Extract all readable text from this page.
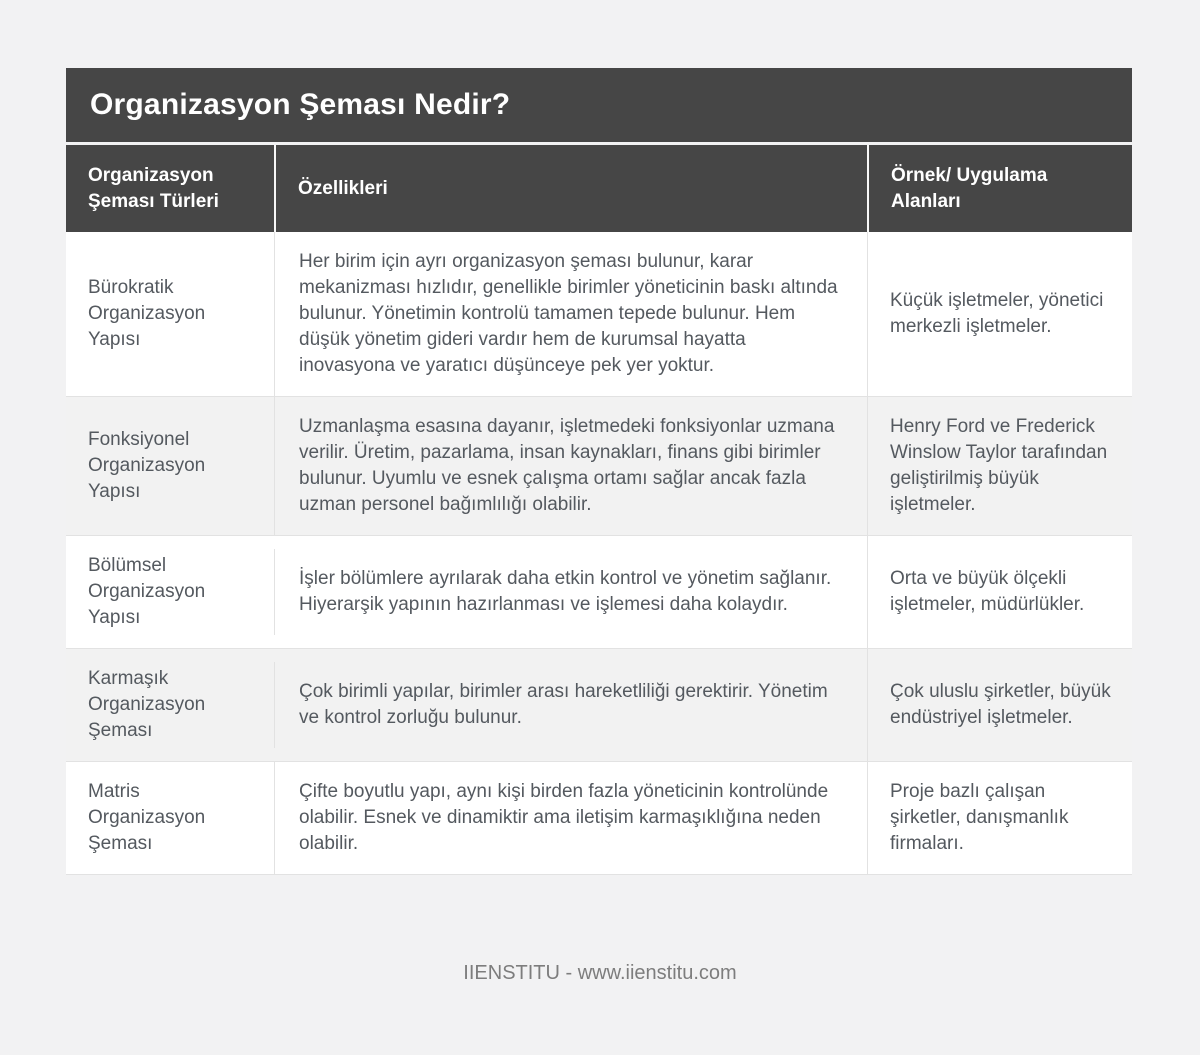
Organizasyon Şeması Nedir?
Organizasyon Şeması Türleri
Özellikleri
Örnek/ Uygulama Alanları
Bürokratik Organizasyon Yapısı
Her birim için ayrı organizasyon şeması bulunur, karar mekanizması hızlıdır, genellikle birimler yöneticinin baskı altında bulunur. Yönetimin kontrolü tamamen tepede bulunur. Hem düşük yönetim gideri vardır hem de kurumsal hayatta inovasyona ve yaratıcı düşünceye pek yer yoktur.
Küçük işletmeler, yönetici merkezli işletmeler.
Fonksiyonel Organizasyon Yapısı
Uzmanlaşma esasına dayanır, işletmedeki fonksiyonlar uzmana verilir. Üretim, pazarlama, insan kaynakları, finans gibi birimler bulunur. Uyumlu ve esnek çalışma ortamı sağlar ancak fazla uzman personel bağımlılığı olabilir.
Henry Ford ve Frederick Winslow Taylor tarafından geliştirilmiş büyük işletmeler.
Bölümsel Organizasyon Yapısı
İşler bölümlere ayrılarak daha etkin kontrol ve yönetim sağlanır. Hiyerarşik yapının hazırlanması ve işlemesi daha kolaydır.
Orta ve büyük ölçekli işletmeler, müdürlükler.
Karmaşık Organizasyon Şeması
Çok birimli yapılar, birimler arası hareketliliği gerektirir. Yönetim ve kontrol zorluğu bulunur.
Çok uluslu şirketler, büyük endüstriyel işletmeler.
Matris Organizasyon Şeması
Çifte boyutlu yapı, aynı kişi birden fazla yöneticinin kontrolünde olabilir. Esnek ve dinamiktir ama iletişim karmaşıklığına neden olabilir.
Proje bazlı çalışan şirketler, danışmanlık firmaları.
IIENSTITU - www.iienstitu.com
